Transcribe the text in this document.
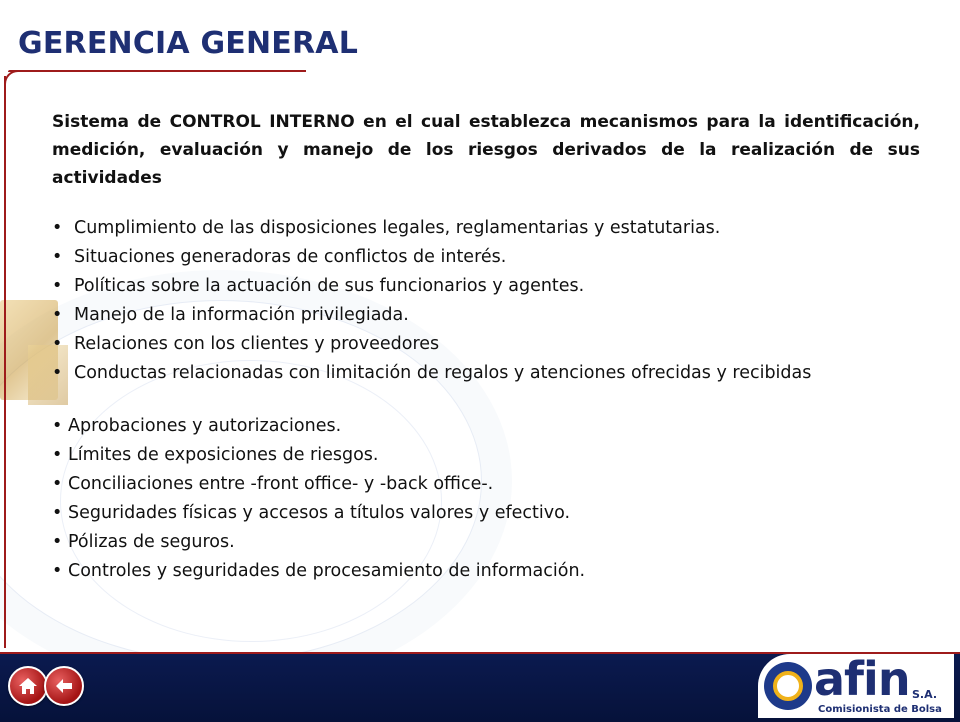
GERENCIA GENERAL

Sistema de CONTROL INTERNO en el cual establezca mecanismos para la identificación, medición, evaluación y manejo de los riesgos derivados de la realización de sus actividades

• Cumplimiento de las disposiciones legales, reglamentarias y estatutarias.
• Situaciones generadoras de conflictos de interés.
• Políticas sobre la actuación de sus funcionarios y agentes.
• Manejo de la información privilegiada.
• Relaciones con los clientes y proveedores
• Conductas relacionadas con limitación de regalos y atenciones ofrecidas y recibidas
• Aprobaciones y autorizaciones.
• Límites de exposiciones de riesgos.
• Conciliaciones entre -front office- y -back office-.
• Seguridades físicas y accesos a títulos valores y efectivo.
• Pólizas de seguros.
• Controles y seguridades de procesamiento de información.
afin S.A.
Comisionista de Bolsa
